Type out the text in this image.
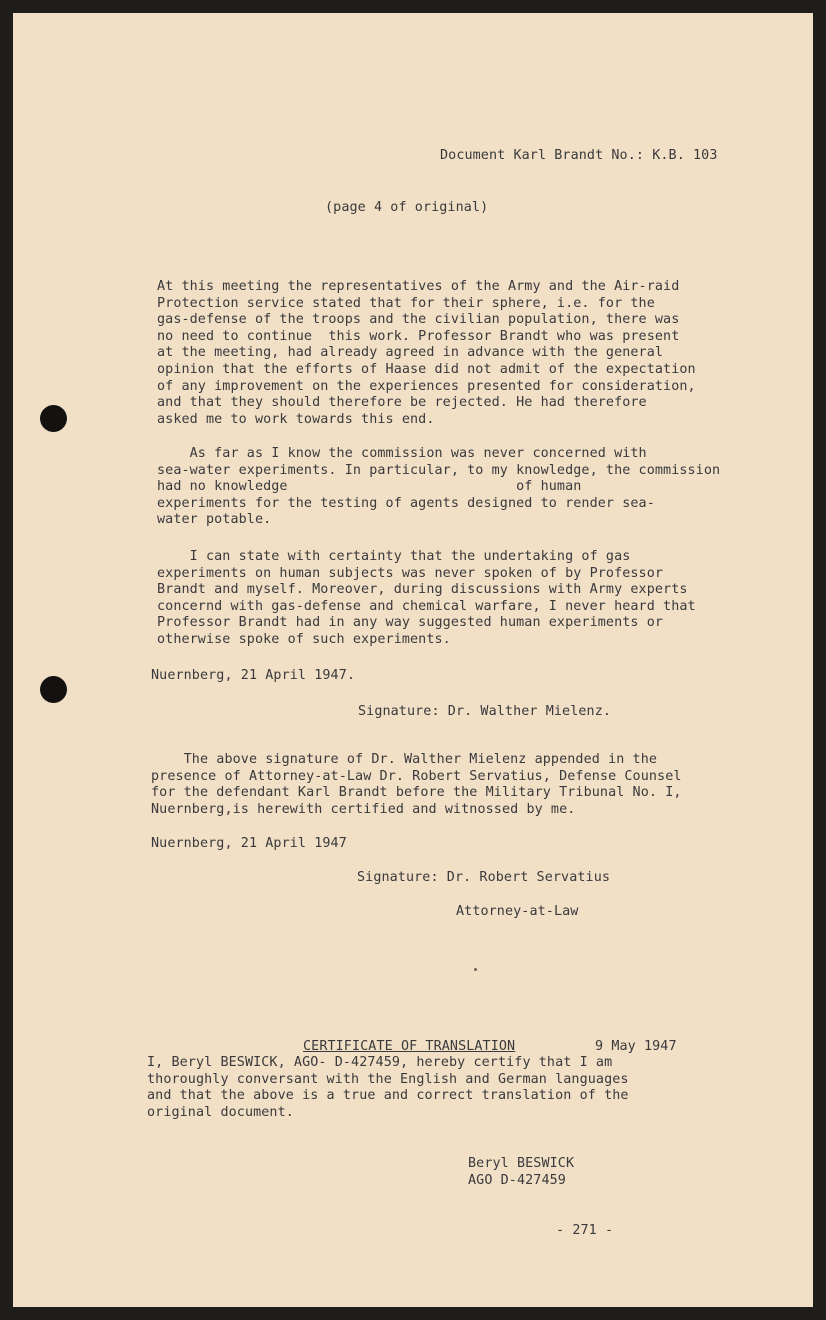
Document Karl Brandt No.: K.B. 103
(page 4 of original)
At this meeting the representatives of the Army and the Air-raid
Protection service stated that for their sphere, i.e. for the
gas-defense of the troops and the civilian population, there was
no need to continue  this work. Professor Brandt who was present
at the meeting, had already agreed in advance with the general
opinion that the efforts of Haase did not admit of the expectation
of any improvement on the experiences presented for consideration,
and that they should therefore be rejected. He had therefore
asked me to work towards this end.
As far as I know the commission was never concerned with
sea-water experiments. In particular, to my knowledge, the commission
had no knowledge                            of human
experiments for the testing of agents designed to render sea-
water potable.
I can state with certainty that the undertaking of gas
experiments on human subjects was never spoken of by Professor
Brandt and myself. Moreover, during discussions with Army experts
concernd with gas-defense and chemical warfare, I never heard that
Professor Brandt had in any way suggested human experiments or
otherwise spoke of such experiments.
Nuernberg, 21 April 1947.
Signature: Dr. Walther Mielenz.
The above signature of Dr. Walther Mielenz appended in the
presence of Attorney-at-Law Dr. Robert Servatius, Defense Counsel
for the defendant Karl Brandt before the Military Tribunal No. I,
Nuernberg,is herewith certified and witnossed by me.
Nuernberg, 21 April 1947
Signature: Dr. Robert Servatius
Attorney-at-Law
CERTIFICATE OF TRANSLATION	9 May 1947
I, Beryl BESWICK, AGO- D-427459, hereby certify that I am
thoroughly conversant with the English and German languages
and that the above is a true and correct translation of the
original document.
Beryl BESWICK
AGO D-427459
- 271 -
